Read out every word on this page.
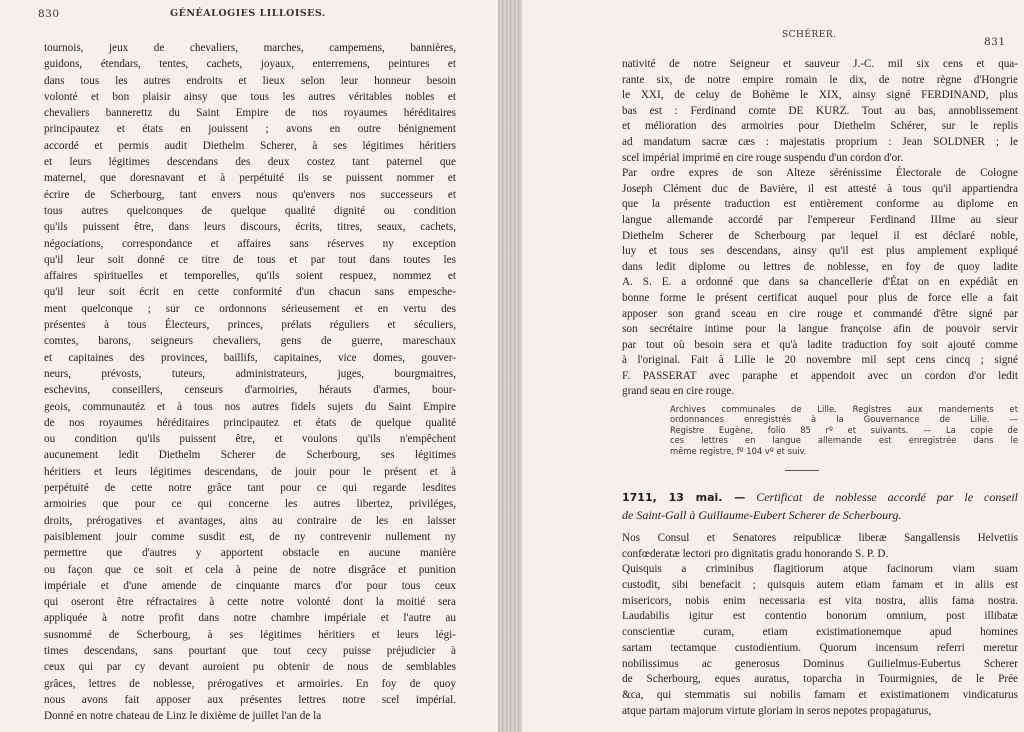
830	GÉNÉALOGIES LILLOISES.
tournois, jeux de chevaliers, marches, campemens, bannières,
guidons, étendars, tentes, cachets, joyaux, enterremens, peintures et
dans tous les autres endroits et lieux selon leur honneur besoin
volonté et bon plaisir ainsy que tous les autres véritables nobles et
chevaliers bannerettz du Saint Empire de nos royaumes héréditaires
principautez et états en jouissent ; avons en outre bénignement
accordé et permis audit Diethelm Scherer, à ses légitimes héritiers
et leurs légitimes descendans des deux costez tant paternel que
maternel, que doresnavant et à perpétuité ils se puissent nommer et
écrire de Scherbourg, tant envers nous qu'envers nos successeurs et
tous autres quelconques de quelque qualité dignité ou condition
qu'ils puissent être, dans leurs discours, écrits, titres, seaux, cachets,
négociations, correspondance et affaires sans réserves ny exception
qu'il leur soit donné ce titre de tous et par tout dans toutes les
affaires spirituelles et temporelles, qu'ils soient respuez, nommez et
qu'il leur soit écrit en cette conformité d'un chacun sans empesche-
ment quelconque ; sur ce ordonnons sérieusement et en vertu des
présentes à tous Électeurs, princes, prélats réguliers et séculiers,
comtes, barons, seigneurs chevaliers, gens de guerre, mareschaux
et capitaines des provinces, baillifs, capitaines, vice domes, gouver-
neurs, prévosts, tuteurs, administrateurs, juges, bourgmaitres,
eschevins, conseillers, censeurs d'armoiries, hérauts d'armes, bour-
geois, communautéz et à tous nos autres fidels sujets du Saint Empire
de nos royaumes héréditaires principautez et états de quelque qualité
ou condition qu'ils puissent être, et voulons qu'ils n'empêchent
aucunement ledit Diethelm Scherer de Scherbourg, ses légitimes
héritiers et leurs légitimes descendans, de jouir pour le présent et à
perpétuité de cette notre grâce tant pour ce qui regarde lesdites
armoiries que pour ce qui concerne les autres libertez, priviléges,
droits, prérogatives et avantages, ains au contraire de les en laisser
paisiblement jouir comme susdit est, de ny contrevenir nullement ny
permettre que d'autres y apportent obstacle en aucune manière
ou façon que ce soit et cela à peine de notre disgrâce et punition
impériale et d'une amende de cinquante marcs d'or pour tous ceux
qui oseront être réfractaires à cette notre volonté dont la moitié sera
appliquée à notre profit dans notre chambre impériale et l'autre au
susnommé de Scherbourg, à ses légitimes héritiers et leurs légi-
times descendans, sans pourtant que tout cecy puisse préjudicier à
ceux qui par cy devant auroient pu obtenir de nous de semblables
grâces, lettres de noblesse, prérogatives et armoiries. En foy de quoy
nous avons fait apposer aux présentes lettres notre scel impérial.
Donné en notre chateau de Linz le dixième de juillet l'an de la
SCHÉRER.
831
nativité de notre Seigneur et sauveur J.-C. mil six cens et qua-
rante six, de notre empire romain le dix, de notre règne d'Hongrie
le XXI, de celuy de Bohème le XIX, ainsy signé FERDINAND, plus
bas est : Ferdinand comte DE KURZ. Tout au bas, annoblissement
et mélioration des armoiries pour Diethelm Schérer, sur le replis
ad mandatum sacræ cæs : majestatis proprium : Jean SOLDNER ; le
scel impérial imprimé en cire rouge suspendu d'un cordon d'or.
Par ordre expres de son Alteze sérénissime Électorale de Cologne
Joseph Clément duc de Bavière, il est attesté à tous qu'il appartiendra
que la présente traduction est entièrement conforme au diplome en
langue allemande accordé par l'empereur Ferdinand IIIme au sieur
Diethelm Scherer de Scherbourg par lequel il est déclaré noble,
luy et tous ses descendans, ainsy qu'il est plus amplement expliqué
dans ledit diplome ou lettres de noblesse, en foy de quoy ladite
A. S. E. a ordonné que dans sa chancellerie d'État on en expédiât en
bonne forme le présent certificat auquel pour plus de force elle a fait
apposer son grand sceau en cire rouge et commandé d'être signé par
son secrétaire intime pour la langue françoise afin de pouvoir servir
par tout où besoin sera et qu'à ladite traduction foy soit ajouté comme
à l'original. Fait à Lille le 20 novembre mil sept cens cincq ; signé
F. PASSERAT avec paraphe et appendoit avec un cordon d'or ledit
grand seau en cire rouge.
Archives communales de Lille. Registres aux mandements et
ordonnances enregistrés à la Gouvernance de Lille. —
Registre Eugène, folio 85 rº et suivants. — La copie de
ces lettres en langue allemande est enregistrée dans le
même registre, fº 104 vº et suiv.
1711, 13 mai. — Certificat de noblesse accordé par le conseil
de Saint-Gall à Guillaume-Eubert Scherer de Scherbourg.
Nos Consul et Senatores reipublicæ liberæ Sangallensis Helvetiis
confœderatæ lectori pro dignitatis gradu honorando S. P. D.
Quisquis a criminibus flagitiorum atque facinorum viam suam
custodit, sibi benefacit ; quisquis autem etiam famam et in aliis est
misericors, nobis enim necessaria est vita nostra, aliis fama nostra.
Laudabilis igitur est contentio bonorum omnium, post illibatæ
conscientiæ curam, etiam existimationemque apud homines
sartam tectamque custodientium. Quorum incensum referri meretur
nobilissimus ac generosus Dominus Guilielmus-Eubertus Scherer
de Scherbourg, eques auratus, toparcha in Tourmignies, de le Prée
&ca, qui stemmatis sui nobilis famam et existimationem vindicaturus
atque partam majorum virtute gloriam in seros nepotes propagaturus,
